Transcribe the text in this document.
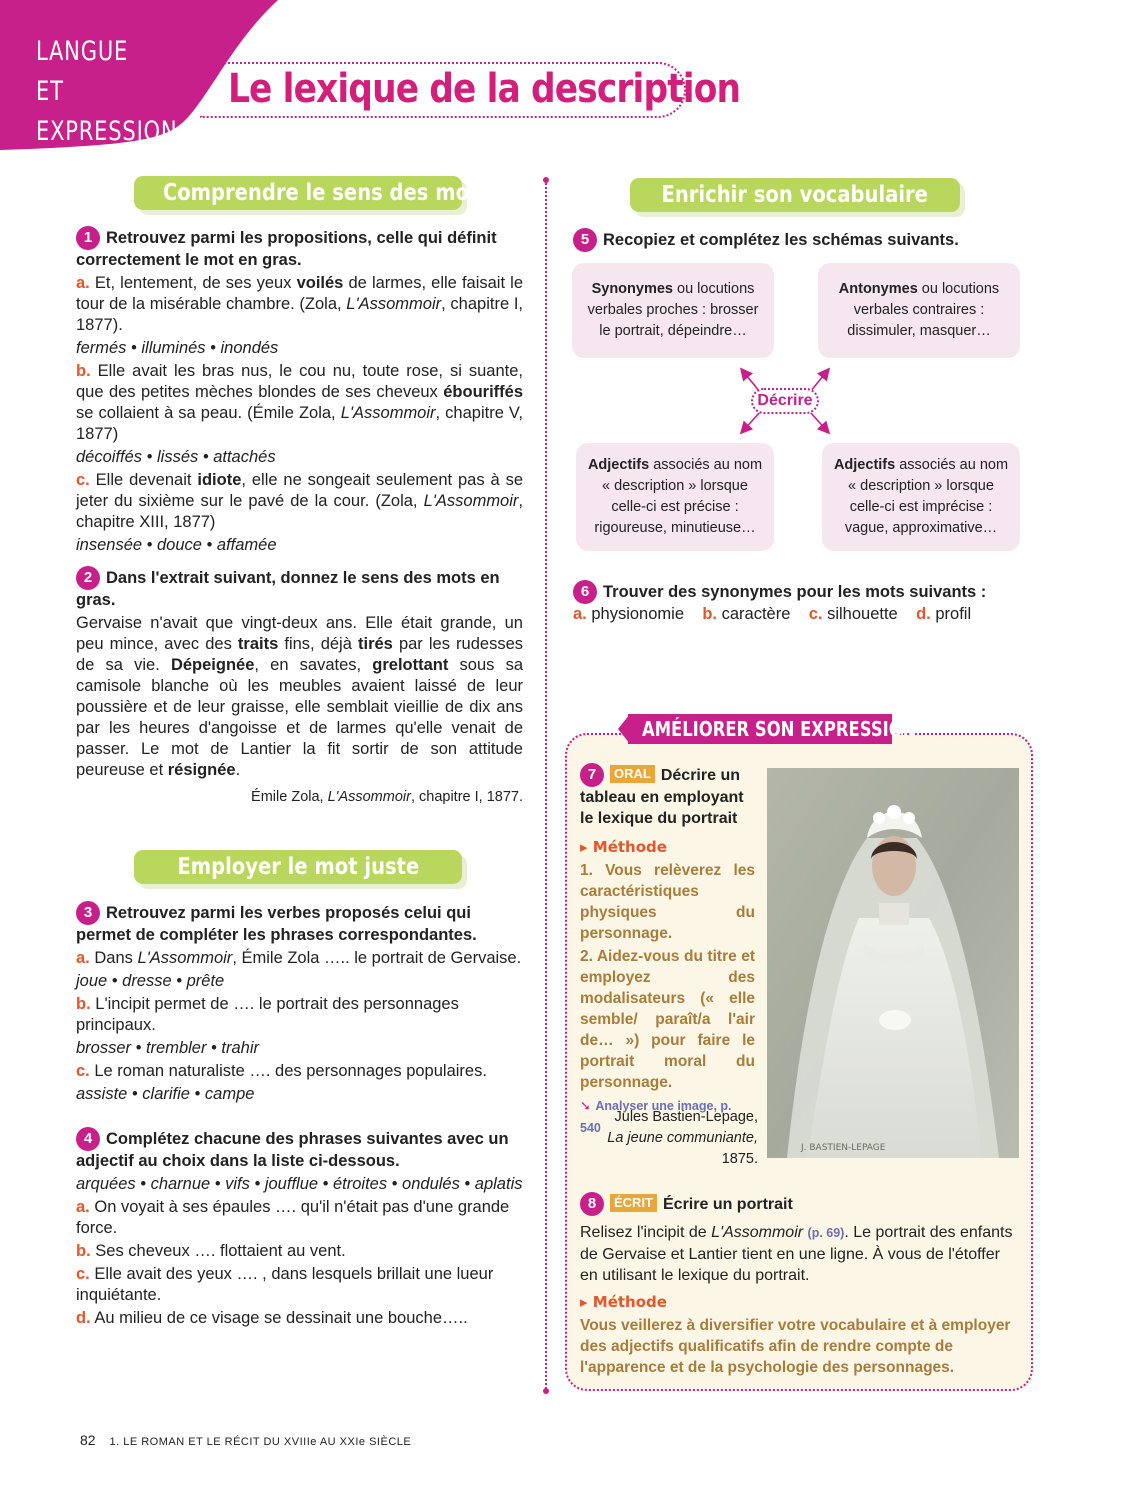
LANGUE ET
EXPRESSION
Le lexique de la description
Comprendre le sens des mots

1 Retrouvez parmi les propositions, celle qui définit correctement le mot en gras.

a. Et, lentement, de ses yeux voilés de larmes, elle faisait le tour de la misérable chambre. (Zola, L'Assommoir, chapitre I, 1877).

fermés • illuminés • inondés

b. Elle avait les bras nus, le cou nu, toute rose, si suante, que des petites mèches blondes de ses cheveux ébouriffés se collaient à sa peau. (Émile Zola, L'Assommoir, chapitre V, 1877)

décoiffés • lissés • attachés

c. Elle devenait idiote, elle ne songeait seulement pas à se jeter du sixième sur le pavé de la cour. (Zola, L'Assommoir, chapitre XIII, 1877)

insensée • douce • affamée

2 Dans l'extrait suivant, donnez le sens des mots en gras.

Gervaise n'avait que vingt-deux ans. Elle était grande, un peu mince, avec des traits fins, déjà tirés par les rudesses de sa vie. Dépeignée, en savates, grelottant sous sa camisole blanche où les meubles avaient laissé de leur poussière et de leur graisse, elle semblait vieillie de dix ans par les heures d'angoisse et de larmes qu'elle venait de passer. Le mot de Lantier la fit sortir de son attitude peureuse et résignée.

Émile Zola, L'Assommoir, chapitre I, 1877.

Employer le mot juste

3 Retrouvez parmi les verbes proposés celui qui permet de compléter les phrases correspondantes.

a. Dans L'Assommoir, Émile Zola ….. le portrait de Gervaise.

joue • dresse • prête

b. L'incipit permet de …. le portrait des personnages principaux.

brosser • trembler • trahir

c. Le roman naturaliste …. des personnages populaires.

assiste • clarifie • campe

4 Complétez chacune des phrases suivantes avec un adjectif au choix dans la liste ci-dessous.

arquées • charnue • vifs • joufflue • étroites • ondulés • aplatis

a. On voyait à ses épaules …. qu'il n'était pas d'une grande force.

b. Ses cheveux …. flottaient au vent.

c. Elle avait des yeux …. , dans lesquels brillait une lueur inquiétante.

d. Au milieu de ce visage se dessinait une bouche…..

Enrichir son vocabulaire

5 Recopiez et complétez les schémas suivants.

Synonymes ou locutions verbales proches : brosser le portrait, dépeindre…
Antonymes ou locutions verbales contraires : dissimuler, masquer…
Adjectifs associés au nom « description » lorsque celle-ci est précise : rigoureuse, minutieuse…
Adjectifs associés au nom « description » lorsque celle-ci est imprécise : vague, approximative…
Décrire

6 Trouver des synonymes pour les mots suivants :

a. physionomie b. caractère c. silhouette d. profil

AMÉLIORER SON EXPRESSION

7 ORAL Décrire un tableau en employant le lexique du portrait

▸ Méthode

1. Vous relèverez les caractéristiques physiques du personnage.

2. Aidez-vous du titre et employez des modalisateurs (« elle semble/ paraît/a l'air de… ») pour faire le portrait moral du personnage.

➘ Analyser une image, p. 540

J. BASTIEN-LEPAGE
Jules Bastien-Lepage,
La jeune communiante,
1875.

8 ÉCRIT Écrire un portrait

Relisez l'incipit de L'Assommoir (p. 69). Le portrait des enfants de Gervaise et Lantier tient en une ligne. À vous de l'étoffer en utilisant le lexique du portrait.

▸ Méthode

Vous veillerez à diversifier votre vocabulaire et à employer des adjectifs qualificatifs afin de rendre compte de l'apparence et de la psychologie des personnages.

82 1. LE ROMAN ET LE RÉCIT DU XVIIIe AU XXIe SIÈCLE
